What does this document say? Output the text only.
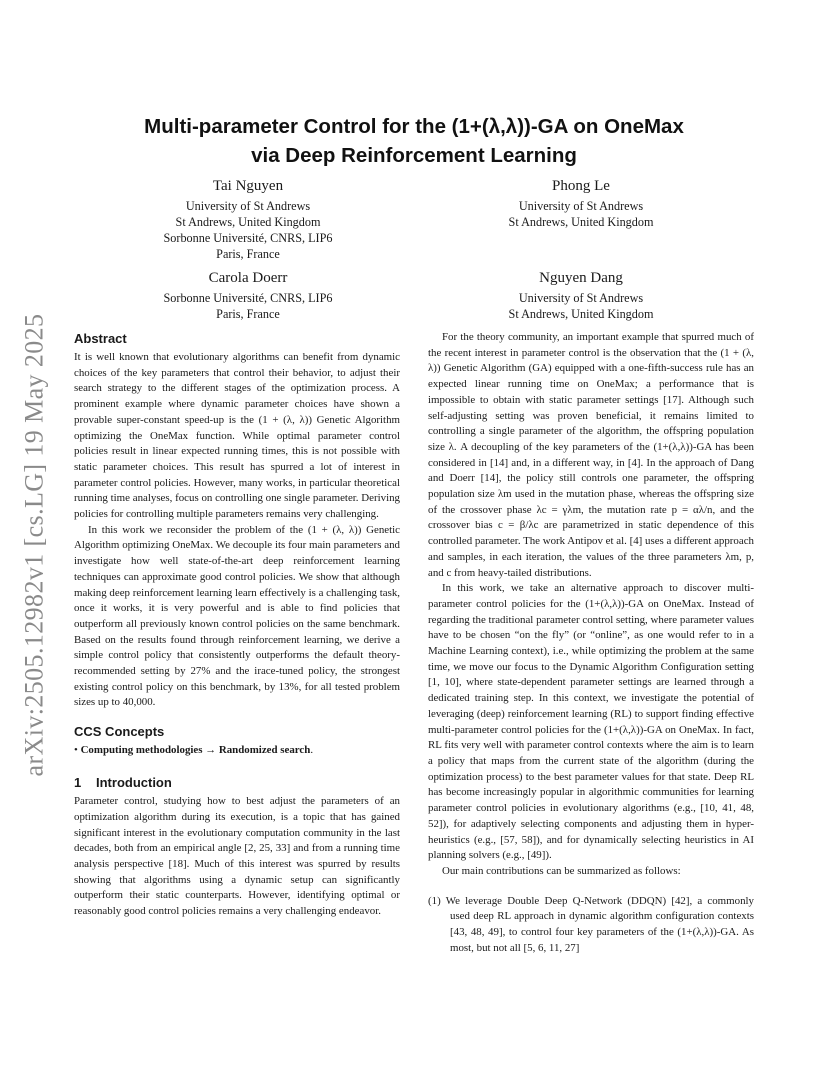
arXiv:2505.12982v1 [cs.LG] 19 May 2025
Multi-parameter Control for the (1+(λ,λ))-GA on OneMax
via Deep Reinforcement Learning
Tai Nguyen
University of St Andrews
St Andrews, United Kingdom
Sorbonne Université, CNRS, LIP6
Paris, France
Phong Le
University of St Andrews
St Andrews, United Kingdom
Carola Doerr
Sorbonne Université, CNRS, LIP6
Paris, France
Nguyen Dang
University of St Andrews
St Andrews, United Kingdom
Abstract

It is well known that evolutionary algorithms can benefit from dynamic choices of the key parameters that control their behavior, to adjust their search strategy to the different stages of the optimization process. A prominent example where dynamic parameter choices have shown a provable super-constant speed-up is the (1 + (λ, λ)) Genetic Algorithm optimizing the OneMax function. While optimal parameter control policies result in linear expected running times, this is not possible with static parameter choices. This result has spurred a lot of interest in parameter control policies. However, many works, in particular theoretical running time analyses, focus on controlling one single parameter. Deriving policies for controlling multiple parameters remains very challenging.

In this work we reconsider the problem of the (1 + (λ, λ)) Genetic Algorithm optimizing OneMax. We decouple its four main parameters and investigate how well state-of-the-art deep reinforcement learning techniques can approximate good control policies. We show that although making deep reinforcement learning learn effectively is a challenging task, once it works, it is very powerful and is able to find policies that outperform all previously known control policies on the same benchmark. Based on the results found through reinforcement learning, we derive a simple control policy that consistently outperforms the default theory-recommended setting by 27% and the irace-tuned policy, the strongest existing control policy on this benchmark, by 13%, for all tested problem sizes up to 40,000.

CCS Concepts
• Computing methodologies → Randomized search.
1 Introduction

Parameter control, studying how to best adjust the parameters of an optimization algorithm during its execution, is a topic that has gained significant interest in the evolutionary computation community in the last decades, both from an empirical angle [2, 25, 33] and from a running time analysis perspective [18]. Much of this interest was spurred by results showing that algorithms using a dynamic setup can significantly outperform their static counterparts. However, identifying optimal or reasonably good control policies remains a very challenging endeavor.

For the theory community, an important example that spurred much of the recent interest in parameter control is the observation that the (1 + (λ, λ)) Genetic Algorithm (GA) equipped with a one-fifth-success rule has an expected linear running time on OneMax; a performance that is impossible to obtain with static parameter settings [17]. Although such self-adjusting setting was proven beneficial, it remains limited to controlling a single parameter of the algorithm, the offspring population size λ. A decoupling of the key parameters of the (1+(λ,λ))-GA has been considered in [14] and, in a different way, in [4]. In the approach of Dang and Doerr [14], the policy still controls one parameter, the offspring population size λm used in the mutation phase, whereas the offspring size of the crossover phase λc = γλm, the mutation rate p = αλ/n, and the crossover bias c = β/λc are parametrized in static dependence of this controlled parameter. The work Antipov et al. [4] uses a different approach and samples, in each iteration, the values of the three parameters λm, p, and c from heavy-tailed distributions.

In this work, we take an alternative approach to discover multi-parameter control policies for the (1+(λ,λ))-GA on OneMax. Instead of regarding the traditional parameter control setting, where parameter values have to be chosen “on the fly” (or “online”, as one would refer to in a Machine Learning context), i.e., while optimizing the problem at the same time, we move our focus to the Dynamic Algorithm Configuration setting [1, 10], where state-dependent parameter settings are learned through a dedicated training step. In this context, we investigate the potential of leveraging (deep) reinforcement learning (RL) to support finding effective multi-parameter control policies for the (1+(λ,λ))-GA on OneMax. In fact, RL fits very well with parameter control contexts where the aim is to learn a policy that maps from the current state of the algorithm (during the optimization process) to the best parameter values for that state. Deep RL has become increasingly popular in algorithmic communities for learning parameter control policies in evolutionary algorithms (e.g., [10, 41, 48, 52]), for adaptively selecting components and adjusting them in hyper-heuristics (e.g., [57, 58]), and for dynamically selecting heuristics in AI planning solvers (e.g., [49]).

Our main contributions can be summarized as follows:

(1) We leverage Double Deep Q-Network (DDQN) [42], a commonly used deep RL approach in dynamic algorithm configuration contexts [43, 48, 49], to control four key parameters of the (1+(λ,λ))-GA. As most, but not all [5, 6, 11, 27]
